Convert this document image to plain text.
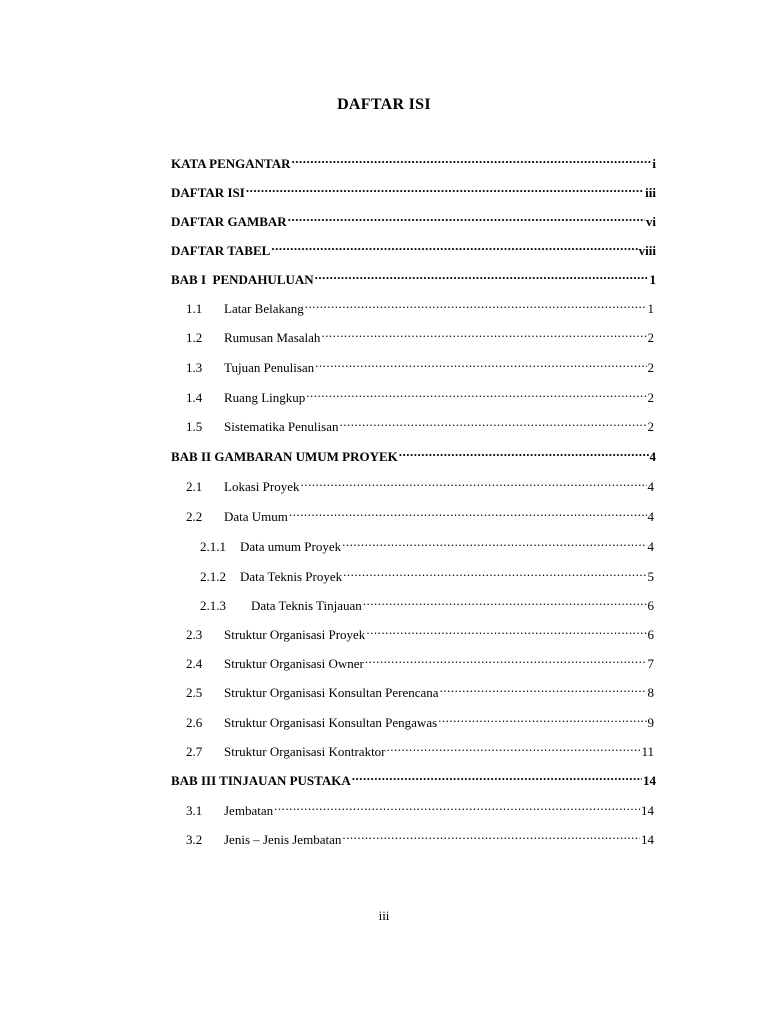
DAFTAR ISI
KATA PENGANTAR .....	i
DAFTAR ISI .....	iii
DAFTAR GAMBAR .....	vi
DAFTAR TABEL .....	viii
BAB I  PENDAHULUAN .....	1
1.1	Latar Belakang .....	1
1.2	Rumusan Masalah .....	2
1.3	Tujuan Penulisan .....	2
1.4	Ruang Lingkup .....	2
1.5	Sistematika Penulisan .....	2
BAB II GAMBARAN UMUM PROYEK .....	4
2.1	Lokasi Proyek .....	4
2.2	Data Umum .....	4
2.1.1	Data umum Proyek .....	4
2.1.2	Data Teknis Proyek .....	5
2.1.3	Data Teknis Tinjauan .....	6
2.3	Struktur Organisasi Proyek .....	6
2.4	Struktur Organisasi Owner .....	7
2.5	Struktur Organisasi Konsultan Perencana .....	8
2.6	Struktur Organisasi Konsultan Pengawas .....	9
2.7	Struktur Organisasi Kontraktor .....	11
BAB III TINJAUAN PUSTAKA .....	14
3.1	Jembatan .....	14
3.2	Jenis – Jenis Jembatan .....	14
iii
